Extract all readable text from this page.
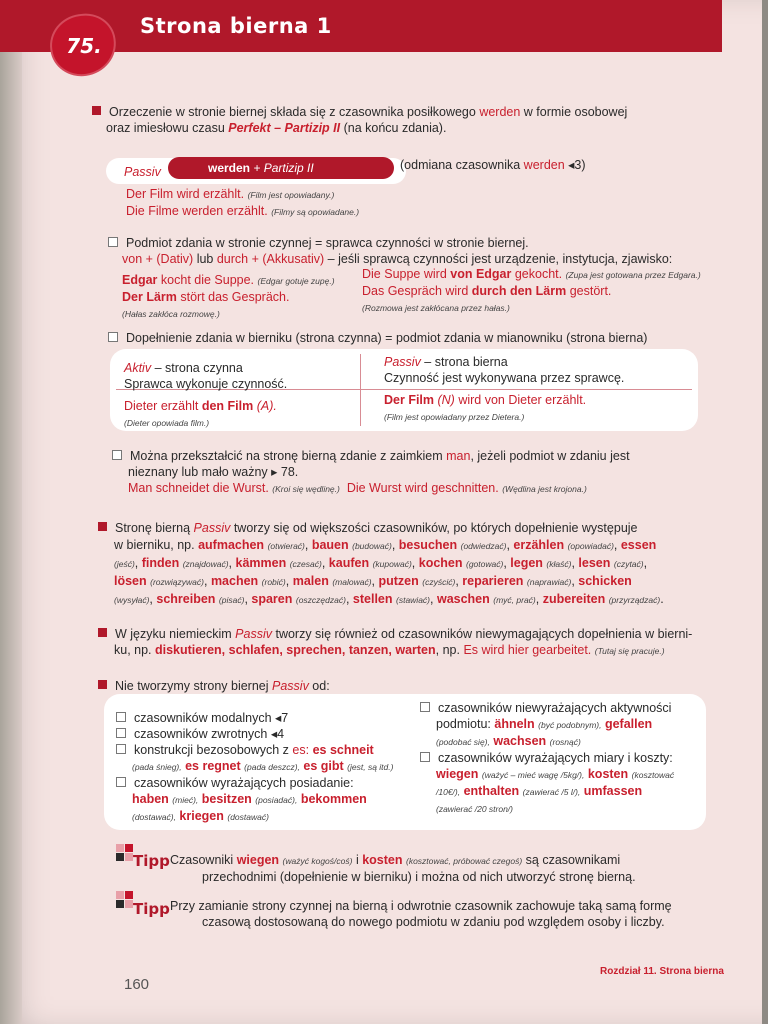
75.
Strona bierna 1
Orzeczenie w stronie biernej składa się z czasownika posiłkowego werden w formie osobowej
oraz imiesłowu czasu Perfekt – Partizip II (na końcu zdania).
Passiv	werden + Partizip II	(odmiana czasownika werden ◂3)
Der Film wird erzählt. (Film jest opowiadany.)
Die Filme werden erzählt. (Filmy są opowiadane.)
Podmiot zdania w stronie czynnej = sprawca czynności w stronie biernej.
von + (Dativ) lub durch + (Akkusativ) – jeśli sprawcą czynności jest urządzenie, instytucja, zjawisko:
Edgar kocht die Suppe. (Edgar gotuje zupę.)
Der Lärm stört das Gespräch.
(Hałas zakłóca rozmowę.)
Die Suppe wird von Edgar gekocht. (Zupa jest gotowana przez Edgara.)
Das Gespräch wird durch den Lärm gestört.
(Rozmowa jest zakłócana przez hałas.)
Dopełnienie zdania w bierniku (strona czynna) = podmiot zdania w mianowniku (strona bierna)
Aktiv – strona czynna
Sprawca wykonuje czynność.
Dieter erzählt den Film (A).
(Dieter opowiada film.)
Passiv – strona bierna
Czynność jest wykonywana przez sprawcę.
Der Film (N) wird von Dieter erzählt.
(Film jest opowiadany przez Dietera.)
Można przekształcić na stronę bierną zdanie z zaimkiem man, jeżeli podmiot w zdaniu jest
nieznany lub mało ważny ▸ 78.
Man schneidet die Wurst. (Kroi się wędlinę.) Die Wurst wird geschnitten. (Wędlina jest krojona.)
Stronę bierną Passiv tworzy się od większości czasowników, po których dopełnienie występuje
w bierniku, np. aufmachen (otwierać), bauen (budować), besuchen (odwiedzać), erzählen (opowiadać), essen
(jeść), finden (znajdować), kämmen (czesać), kaufen (kupować), kochen (gotować), legen (kłaść), lesen (czytać),
lösen (rozwiązywać), machen (robić), malen (malować), putzen (czyścić), reparieren (naprawiać), schicken
(wysyłać), schreiben (pisać), sparen (oszczędzać), stellen (stawiać), waschen (myć, prać), zubereiten (przyrządzać).
W języku niemieckim Passiv tworzy się również od czasowników niewymagających dopełnienia w bierni-
ku, np. diskutieren, schlafen, sprechen, tanzen, warten, np. Es wird hier gearbeitet. (Tutaj się pracuje.)
Nie tworzymy strony biernej Passiv od:
czasowników modalnych ◂7
czasowników zwrotnych ◂4
konstrukcji bezosobowych z es: es schneit
(pada śnieg), es regnet (pada deszcz), es gibt (jest, są itd.)
czasowników wyrażających posiadanie:
haben (mieć), besitzen (posiadać), bekommen
(dostawać), kriegen (dostawać)
czasowników niewyrażających aktywności
podmiotu: ähneln (być podobnym), gefallen
(podobać się), wachsen (rosnąć)
czasowników wyrażających miary i koszty:
wiegen (ważyć – mieć wagę /5kg/), kosten (kosztować
/10€/), enthalten (zawierać /5 l/), umfassen
(zawierać /20 stron/)
Tipp Czasowniki wiegen (ważyć kogoś/coś) i kosten (kosztować, próbować czegoś) są czasownikami
przechodnimi (dopełnienie w bierniku) i można od nich utworzyć stronę bierną.
Tipp Przy zamianie strony czynnej na bierną i odwrotnie czasownik zachowuje taką samą formę
czasową dostosowaną do nowego podmiotu w zdaniu pod względem osoby i liczby.
160
Rozdział 11. Strona bierna
